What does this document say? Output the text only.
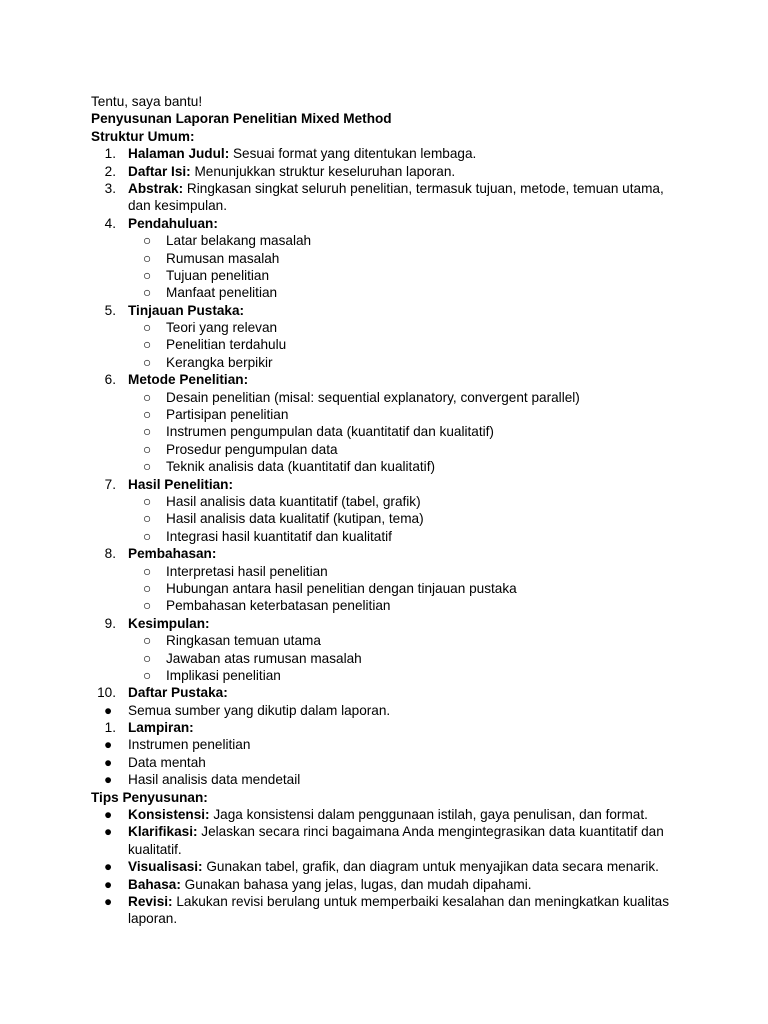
Tentu, saya bantu!
Penyusunan Laporan Penelitian Mixed Method
Struktur Umum:
1. Halaman Judul: Sesuai format yang ditentukan lembaga.
2. Daftar Isi: Menunjukkan struktur keseluruhan laporan.
3. Abstrak: Ringkasan singkat seluruh penelitian, termasuk tujuan, metode, temuan utama,
dan kesimpulan.
4. Pendahuluan:
○ Latar belakang masalah
○ Rumusan masalah
○ Tujuan penelitian
○ Manfaat penelitian
5. Tinjauan Pustaka:
○ Teori yang relevan
○ Penelitian terdahulu
○ Kerangka berpikir
6. Metode Penelitian:
○ Desain penelitian (misal: sequential explanatory, convergent parallel)
○ Partisipan penelitian
○ Instrumen pengumpulan data (kuantitatif dan kualitatif)
○ Prosedur pengumpulan data
○ Teknik analisis data (kuantitatif dan kualitatif)
7. Hasil Penelitian:
○ Hasil analisis data kuantitatif (tabel, grafik)
○ Hasil analisis data kualitatif (kutipan, tema)
○ Integrasi hasil kuantitatif dan kualitatif
8. Pembahasan:
○ Interpretasi hasil penelitian
○ Hubungan antara hasil penelitian dengan tinjauan pustaka
○ Pembahasan keterbatasan penelitian
9. Kesimpulan:
○ Ringkasan temuan utama
○ Jawaban atas rumusan masalah
○ Implikasi penelitian
10. Daftar Pustaka:
● Semua sumber yang dikutip dalam laporan.
1. Lampiran:
● Instrumen penelitian
● Data mentah
● Hasil analisis data mendetail
Tips Penyusunan:
● Konsistensi: Jaga konsistensi dalam penggunaan istilah, gaya penulisan, dan format.
● Klarifikasi: Jelaskan secara rinci bagaimana Anda mengintegrasikan data kuantitatif dan
kualitatif.
● Visualisasi: Gunakan tabel, grafik, dan diagram untuk menyajikan data secara menarik.
● Bahasa: Gunakan bahasa yang jelas, lugas, dan mudah dipahami.
● Revisi: Lakukan revisi berulang untuk memperbaiki kesalahan dan meningkatkan kualitas
laporan.
